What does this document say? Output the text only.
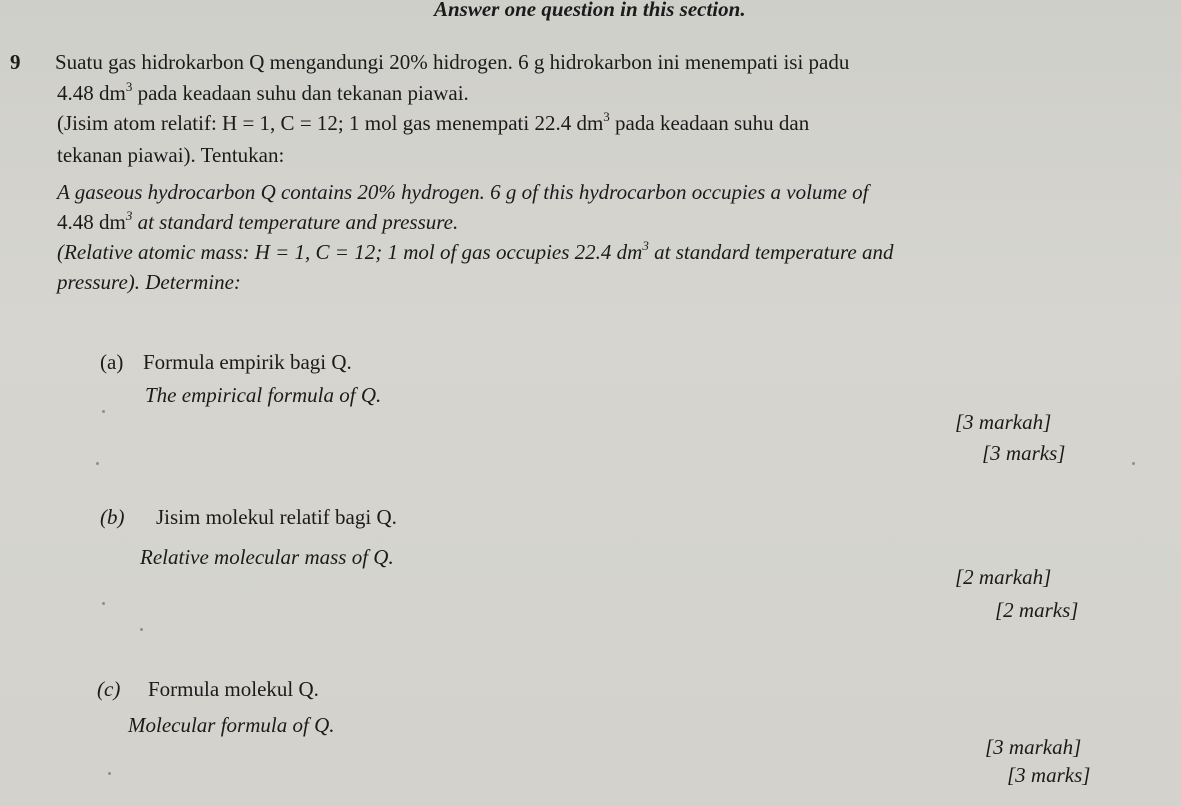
Answer one question in this section.
9 Suatu gas hidrokarbon Q mengandungi 20% hidrogen. 6 g hidrokarbon ini menempati isi padu
4.48 $dm^3$ pada keadaan suhu dan tekanan piawai.
(Jisim atom relatif: H = 1, C = 12; 1 mol gas menempati 22.4 $dm^3$ pada keadaan suhu dan
tekanan piawai). Tentukan:
A gaseous hydrocarbon Q contains 20% hydrogen. 6 g of this hydrocarbon occupies a volume of
4.48 $dm^3$ at standard temperature and pressure.
(Relative atomic mass: H = 1, C = 12; 1 mol of gas occupies 22.4 $dm^3$ at standard temperature and
pressure). Determine:
(a) Formula empirik bagi Q.
The empirical formula of Q.
[3 markah]
[3 marks]
(b) Jisim molekul relatif bagi Q.
Relative molecular mass of Q.
[2 markah]
[2 marks]
(c) Formula molekul Q.
Molecular formula of Q.
[3 markah]
[3 marks]
